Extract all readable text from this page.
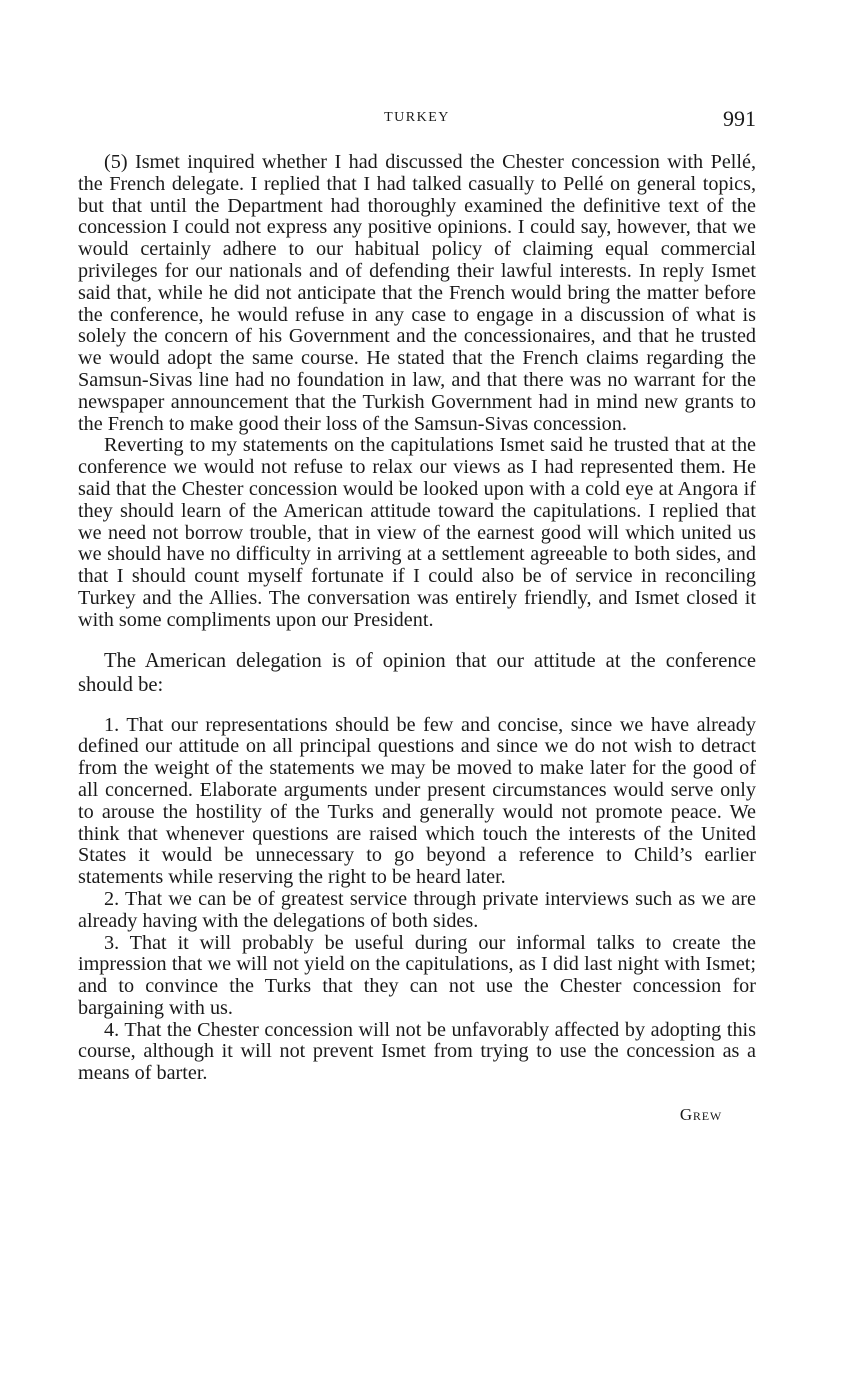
TURKEY	991

(5) Ismet inquired whether I had discussed the Chester concession with Pellé, the French delegate. I replied that I had talked casually to Pellé on general topics, but that until the Department had thoroughly examined the definitive text of the concession I could not express any positive opinions. I could say, however, that we would certainly adhere to our habitual policy of claiming equal commercial privileges for our nationals and of defending their lawful interests. In reply Ismet said that, while he did not anticipate that the French would bring the matter before the conference, he would refuse in any case to engage in a discussion of what is solely the concern of his Government and the concessionaires, and that he trusted we would adopt the same course. He stated that the French claims regarding the Samsun-Sivas line had no foundation in law, and that there was no warrant for the newspaper announcement that the Turkish Government had in mind new grants to the French to make good their loss of the Samsun-Sivas concession.

Reverting to my statements on the capitulations Ismet said he trusted that at the conference we would not refuse to relax our views as I had represented them. He said that the Chester concession would be looked upon with a cold eye at Angora if they should learn of the American attitude toward the capitulations. I replied that we need not borrow trouble, that in view of the earnest good will which united us we should have no difficulty in arriving at a settlement agreeable to both sides, and that I should count myself fortunate if I could also be of service in reconciling Turkey and the Allies. The conversation was entirely friendly, and Ismet closed it with some compliments upon our President.

The American delegation is of opinion that our attitude at the conference should be:

1. That our representations should be few and concise, since we have already defined our attitude on all principal questions and since we do not wish to detract from the weight of the statements we may be moved to make later for the good of all concerned. Elaborate arguments under present circumstances would serve only to arouse the hostility of the Turks and generally would not promote peace. We think that whenever questions are raised which touch the interests of the United States it would be unnecessary to go beyond a reference to Child’s earlier statements while reserving the right to be heard later.

2. That we can be of greatest service through private interviews such as we are already having with the delegations of both sides.

3. That it will probably be useful during our informal talks to create the impression that we will not yield on the capitulations, as I did last night with Ismet; and to convince the Turks that they can not use the Chester concession for bargaining with us.

4. That the Chester concession will not be unfavorably affected by adopting this course, although it will not prevent Ismet from trying to use the concession as a means of barter.

Grew
